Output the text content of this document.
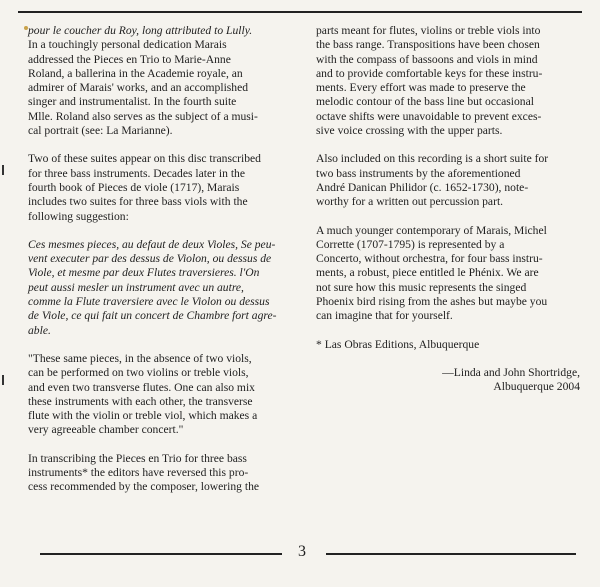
pour le coucher du Roy, long attributed to Lully.
In a touchingly personal dedication Marais
addressed the Pieces en Trio to Marie-Anne
Roland, a ballerina in the Academie royale, an
admirer of Marais' works, and an accomplished
singer and instrumentalist. In the fourth suite
Mlle. Roland also serves as the subject of a musi-
cal portrait (see: La Marianne).

Two of these suites appear on this disc transcribed
for three bass instruments. Decades later in the
fourth book of Pieces de viole (1717), Marais
includes two suites for three bass viols with the
following suggestion:

Ces mesmes pieces, au defaut de deux Violes, Se peu-
vent executer par des dessus de Violon, ou dessus de
Viole, et mesme par deux Flutes traversieres. l'On
peut aussi mesler un instrument avec un autre,
comme la Flute traversiere avec le Violon ou dessus
de Viole, ce qui fait un concert de Chambre fort agre-
able.

"These same pieces, in the absence of two viols,
can be performed on two violins or treble viols,
and even two transverse flutes. One can also mix
these instruments with each other, the transverse
flute with the violin or treble viol, which makes a
very agreeable chamber concert."

In transcribing the Pieces en Trio for three bass
instruments* the editors have reversed this pro-
cess recommended by the composer, lowering the

parts meant for flutes, violins or treble viols into
the bass range. Transpositions have been chosen
with the compass of bassoons and viols in mind
and to provide comfortable keys for these instru-
ments. Every effort was made to preserve the
melodic contour of the bass line but occasional
octave shifts were unavoidable to prevent exces-
sive voice crossing with the upper parts.

Also included on this recording is a short suite for
two bass instruments by the aforementioned
André Danican Philidor (c. 1652-1730), note-
worthy for a written out percussion part.

A much younger contemporary of Marais, Michel
Corrette (1707-1795) is represented by a
Concerto, without orchestra, for four bass instru-
ments, a robust, piece entitled le Phénix. We are
not sure how this music represents the singed
Phoenix bird rising from the ashes but maybe you
can imagine that for yourself.

* Las Obras Editions, Albuquerque

—Linda and John Shortridge,
Albuquerque 2004
3
